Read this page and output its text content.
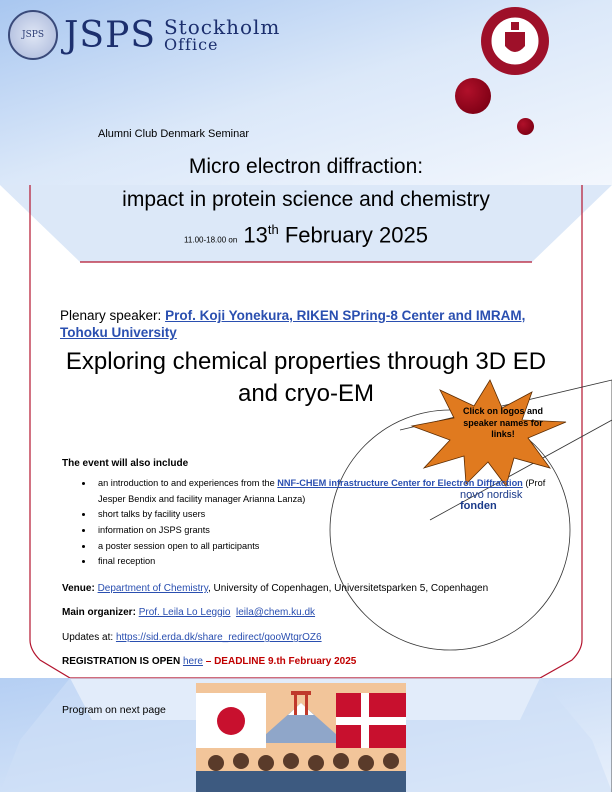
JSPS JSPS Stockholm
Office
Alumni Club Denmark Seminar
Micro electron diffraction:
impact in protein science and chemistry
11.00-18.00 on 13th February 2025
Plenary speaker: Prof. Koji Yonekura, RIKEN SPring-8 Center and IMRAM, Tohoku University
Exploring chemical properties through 3D ED
and cryo-EM
Click on logos and speaker names for links!
The event will also include
• an introduction to and experiences from the NNF-CHEM infrastructure Center for Electron Diffraction (Prof Jesper Bendix and facility manager Arianna Lanza)
• short talks by facility users
• information on JSPS grants
• a poster session open to all participants
• final reception
novo nordisk
fonden
Venue: Department of Chemistry, University of Copenhagen, Universitetsparken 5, Copenhagen
Main organizer: Prof. Leila Lo Leggio leila@chem.ku.dk
Updates at: https://sid.erda.dk/share_redirect/gooWtgrOZ6
REGISTRATION IS OPEN here – DEADLINE 9.th February 2025
Program on next page
